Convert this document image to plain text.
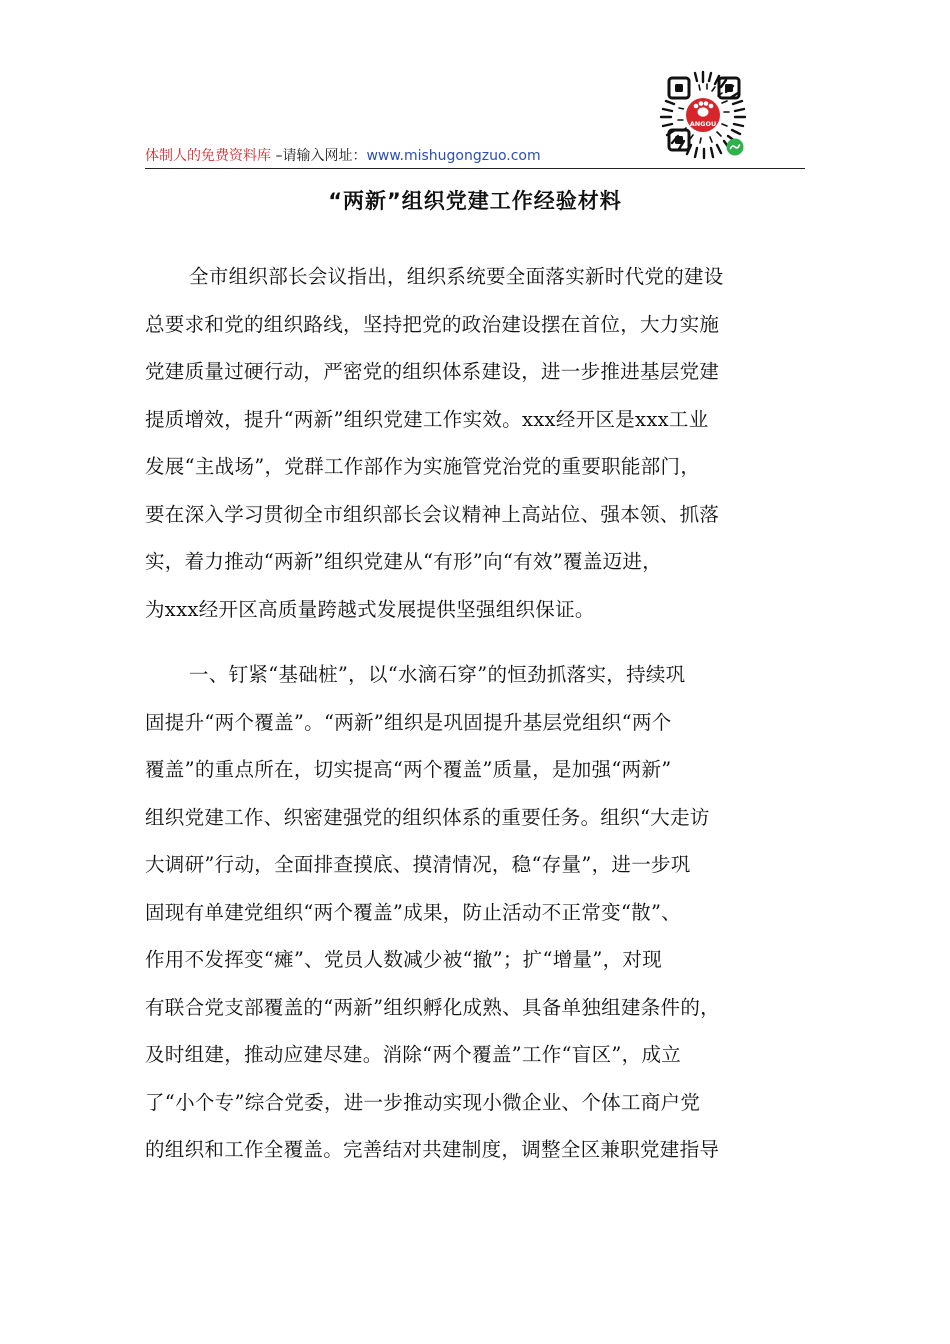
ANGOU
体制人的免费资料库 –请输入网址：www.mishugongzuo.com
“两新”组织党建工作经验材料
全市组织部长会议指出，组织系统要全面落实新时代党的建设
总要求和党的组织路线，坚持把党的政治建设摆在首位，大力实施
党建质量过硬行动，严密党的组织体系建设，进一步推进基层党建
提质增效，提升“两新”组织党建工作实效。xxx经开区是xxx工业
发展“主战场”，党群工作部作为实施管党治党的重要职能部门，
要在深入学习贯彻全市组织部长会议精神上高站位、强本领、抓落
实，着力推动“两新”组织党建从“有形”向“有效”覆盖迈进，
为xxx经开区高质量跨越式发展提供坚强组织保证。
一、钉紧“基础桩”，以“水滴石穿”的恒劲抓落实，持续巩
固提升“两个覆盖”。“两新”组织是巩固提升基层党组织“两个
覆盖”的重点所在，切实提高“两个覆盖”质量，是加强“两新”
组织党建工作、织密建强党的组织体系的重要任务。组织“大走访
大调研”行动，全面排查摸底、摸清情况，稳“存量”，进一步巩
固现有单建党组织“两个覆盖”成果，防止活动不正常变“散”、
作用不发挥变“瘫”、党员人数减少被“撤”；扩“增量”，对现
有联合党支部覆盖的“两新”组织孵化成熟、具备单独组建条件的，
及时组建，推动应建尽建。消除“两个覆盖”工作“盲区”，成立
了“小个专”综合党委，进一步推动实现小微企业、个体工商户党
的组织和工作全覆盖。完善结对共建制度，调整全区兼职党建指导
